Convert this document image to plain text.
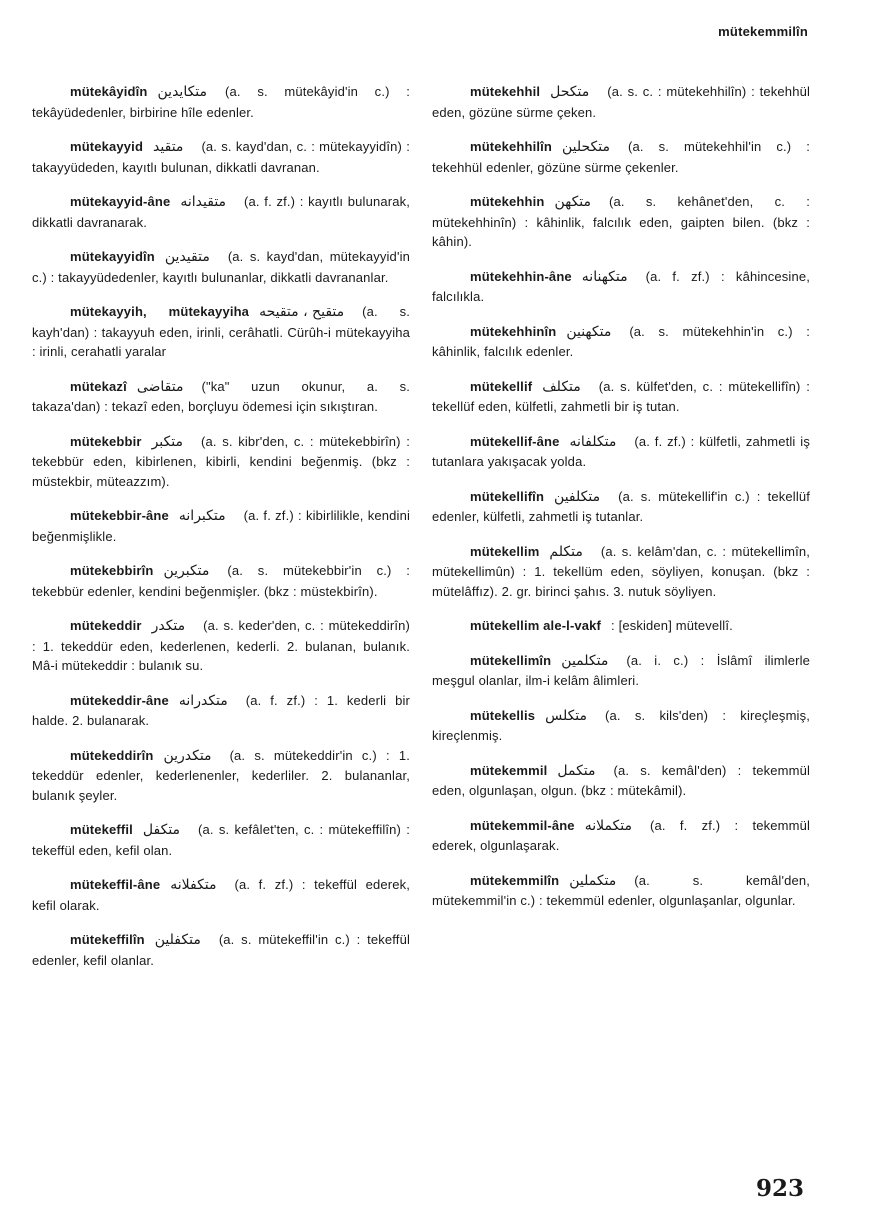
mütekemmilîn
mütekâyidîn متكايدين (a. s. mütekâyid'in c.) : tekâyüdedenler, birbirine hîle edenler.
mütekayyid متقيد (a. s. kayd'dan, c. : mütekayyidîn) : takayyüdeden, kayıtlı bulunan, dikkatli davranan.
mütekayyid-âne متقيدانه (a. f. zf.) : kayıtlı bulunarak, dikkatli davranarak.
mütekayyidîn متقيدين (a. s. kayd'dan, mütekayyid'in c.) : takayyüdedenler, kayıtlı bulunanlar, dikkatli davrananlar.
mütekayyih, mütekayyiha متقيح ، متقيحه (a. s. kayh'dan) : takayyuh eden, irinli, cerâhatli. Cürûh-i mütekayyiha : irinli, cerahatli yaralar
mütekazî متقاضى ("ka" uzun okunur, a. s. takaza'dan) : tekazî eden, borçluyu ödemesi için sıkıştıran.
mütekebbir متكبر (a. s. kibr'den, c. : mütekebbirîn) : tekebbür eden, kibirlenen, kibirli, kendini beğenmiş. (bkz : müstekbir, müteazzım).
mütekebbir-âne متكبرانه (a. f. zf.) : kibirlilikle, kendini beğenmişlikle.
mütekebbirîn متكبرين (a. s. mütekebbir'in c.) : tekebbür edenler, kendini beğenmişler. (bkz : müstekbirîn).
mütekeddir متكدر (a. s. keder'den, c. : mütekeddirîn) : 1. tekeddür eden, kederlenen, kederli. 2. bulanan, bulanık. Mâ-i mütekeddir : bulanık su.
mütekeddir-âne متكدرانه (a. f. zf.) : 1. kederli bir halde. 2. bulanarak.
mütekeddirîn متكدرين (a. s. mütekeddir'in c.) : 1. tekeddür edenler, kederlenenler, kederliler. 2. bulananlar, bulanık şeyler.
mütekeffil متكفل (a. s. kefâlet'ten, c. : mütekeffilîn) : tekeffül eden, kefil olan.
mütekeffil-âne متكفلانه (a. f. zf.) : tekeffül ederek, kefil olarak.
mütekeffilîn متكفلين (a. s. mütekeffil'in c.) : tekeffül edenler, kefil olanlar.
mütekehhil متكحل (a. s. c. : mütekehhilîn) : tekehhül eden, gözüne sürme çeken.
mütekehhilîn متكحلين (a. s. mütekehhil'in c.) : tekehhül edenler, gözüne sürme çekenler.
mütekehhin متكهن (a. s. kehânet'den, c. : mütekehhinîn) : kâhinlik, falcılık eden, gaipten bilen. (bkz : kâhin).
mütekehhin-âne متكهنانه (a. f. zf.) : kâhincesine, falcılıkla.
mütekehhinîn متكهنين (a. s. mütekehhin'in c.) : kâhinlik, falcılık edenler.
mütekellif متكلف (a. s. külfet'den, c. : mütekellifîn) : tekellüf eden, külfetli, zahmetli bir iş tutan.
mütekellif-âne متكلفانه (a. f. zf.) : külfetli, zahmetli iş tutanlara yakışacak yolda.
mütekellifîn متكلفين (a. s. mütekellif'in c.) : tekellüf edenler, külfetli, zahmetli iş tutanlar.
mütekellim متكلم (a. s. kelâm'dan, c. : mütekellimîn, mütekellimûn) : 1. tekellüm eden, söyliyen, konuşan. (bkz : mütelâffız). 2. gr. birinci şahıs. 3. nutuk söyliyen.
mütekellim ale-l-vakf : [eskiden] mütevellî.
mütekellimîn متكلمين (a. i. c.) : İslâmî ilimlerle meşgul olanlar, ilm-i kelâm âlimleri.
mütekellis متكلس (a. s. kils'den) : kireçleşmiş, kireçlenmiş.
mütekemmil متكمل (a. s. kemâl'den) : tekemmül eden, olgunlaşan, olgun. (bkz : mütekâmil).
mütekemmil-âne متكملانه (a. f. zf.) : tekemmül ederek, olgunlaşarak.
mütekemmilîn متكملين (a. s. kemâl'den, mütekemmil'in c.) : tekemmül edenler, olgunlaşanlar, olgunlar.
923
